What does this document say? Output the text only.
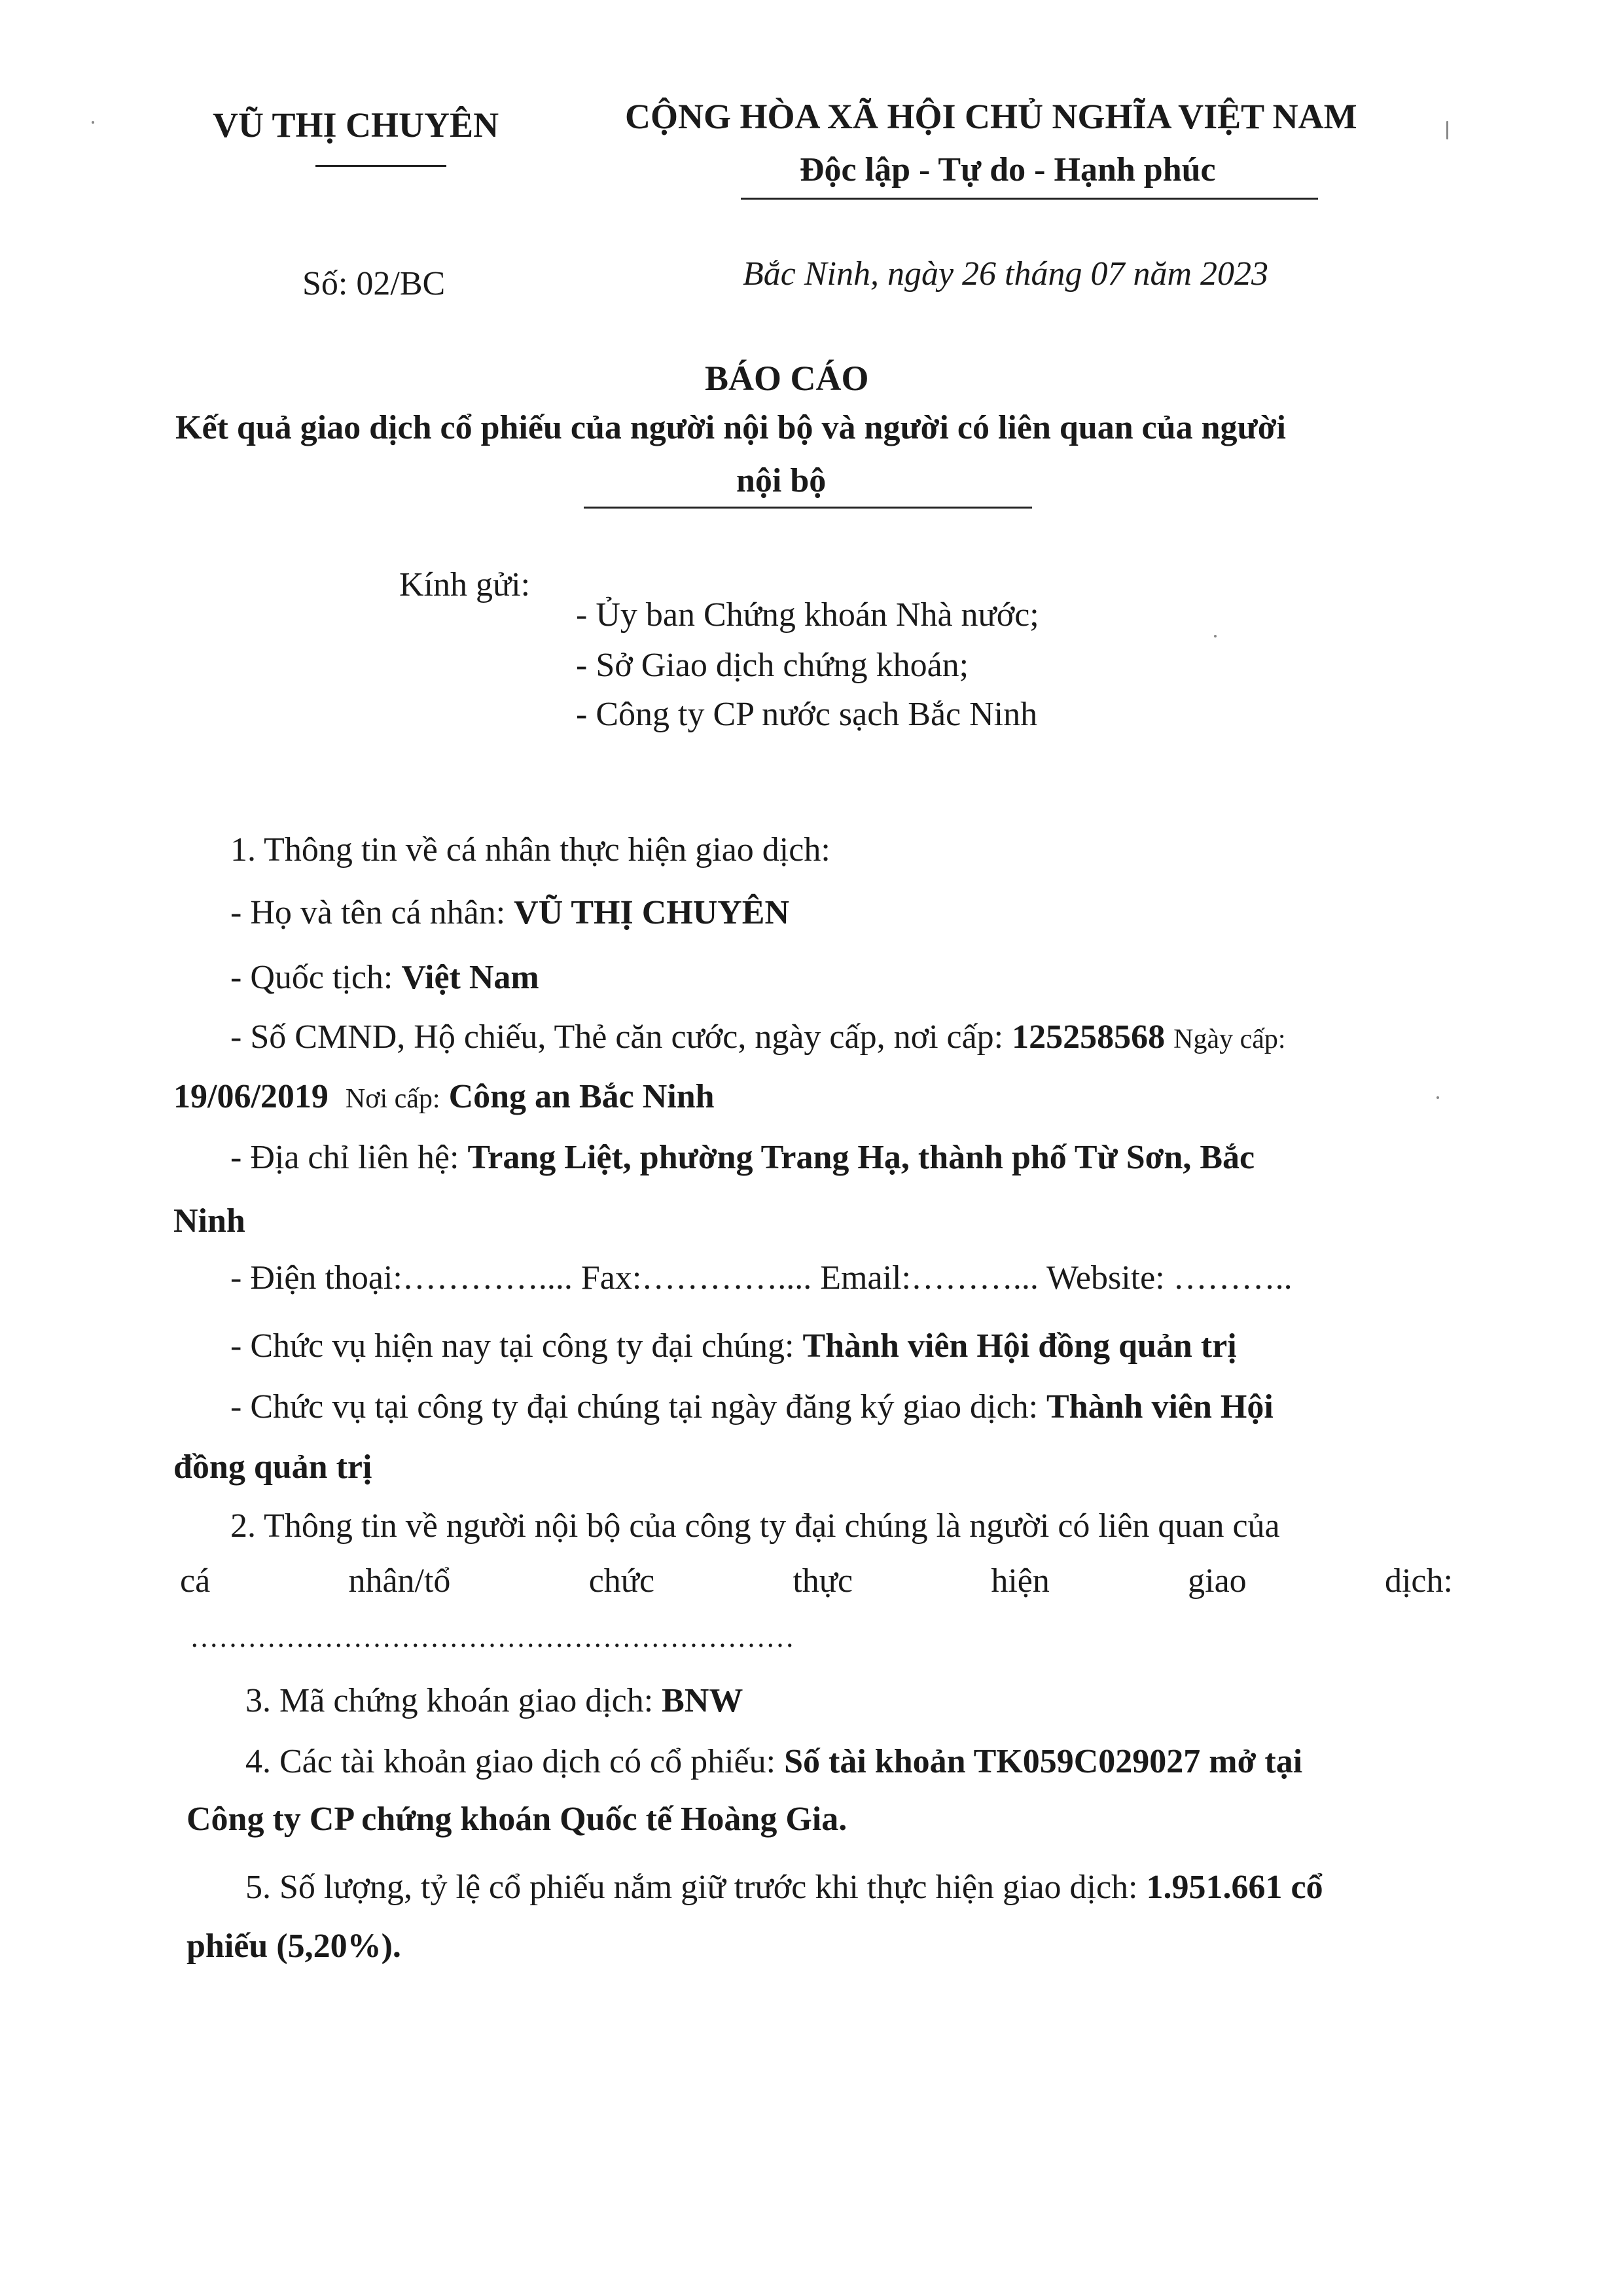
VŨ THỊ CHUYÊN	CỘNG HÒA XÃ HỘI CHỦ NGHĨA VIỆT NAM
Độc lập - Tự do - Hạnh phúc
Số: 02/BC	Bắc Ninh, ngày 26 tháng 07 năm 2023
BÁO CÁO
Kết quả giao dịch cổ phiếu của người nội bộ và người có liên quan của người
nội bộ
Kính gửi:
- Ủy ban Chứng khoán Nhà nước;
- Sở Giao dịch chứng khoán;
- Công ty CP nước sạch Bắc Ninh
1. Thông tin về cá nhân thực hiện giao dịch:
- Họ và tên cá nhân: VŨ THỊ CHUYÊN
- Quốc tịch: Việt Nam
- Số CMND, Hộ chiếu, Thẻ căn cước, ngày cấp, nơi cấp: 125258568 Ngày cấp:
19/06/2019 Nơi cấp: Công an Bắc Ninh
- Địa chỉ liên hệ: Trang Liệt, phường Trang Hạ, thành phố Từ Sơn, Bắc
Ninh
- Điện thoại:………….... Fax:………….... Email:………... Website: ………..
- Chức vụ hiện nay tại công ty đại chúng: Thành viên Hội đồng quản trị
- Chức vụ tại công ty đại chúng tại ngày đăng ký giao dịch: Thành viên Hội
đồng quản trị
2. Thông tin về người nội bộ của công ty đại chúng là người có liên quan của
cá	nhân/tổ	chức	thực	hiện	giao	dịch:
………………………………………………………
3. Mã chứng khoán giao dịch: BNW
4. Các tài khoản giao dịch có cổ phiếu: Số tài khoản TK059C029027 mở tại
Công ty CP chứng khoán Quốc tế Hoàng Gia.
5. Số lượng, tỷ lệ cổ phiếu nắm giữ trước khi thực hiện giao dịch: 1.951.661 cổ
phiếu (5,20%).
